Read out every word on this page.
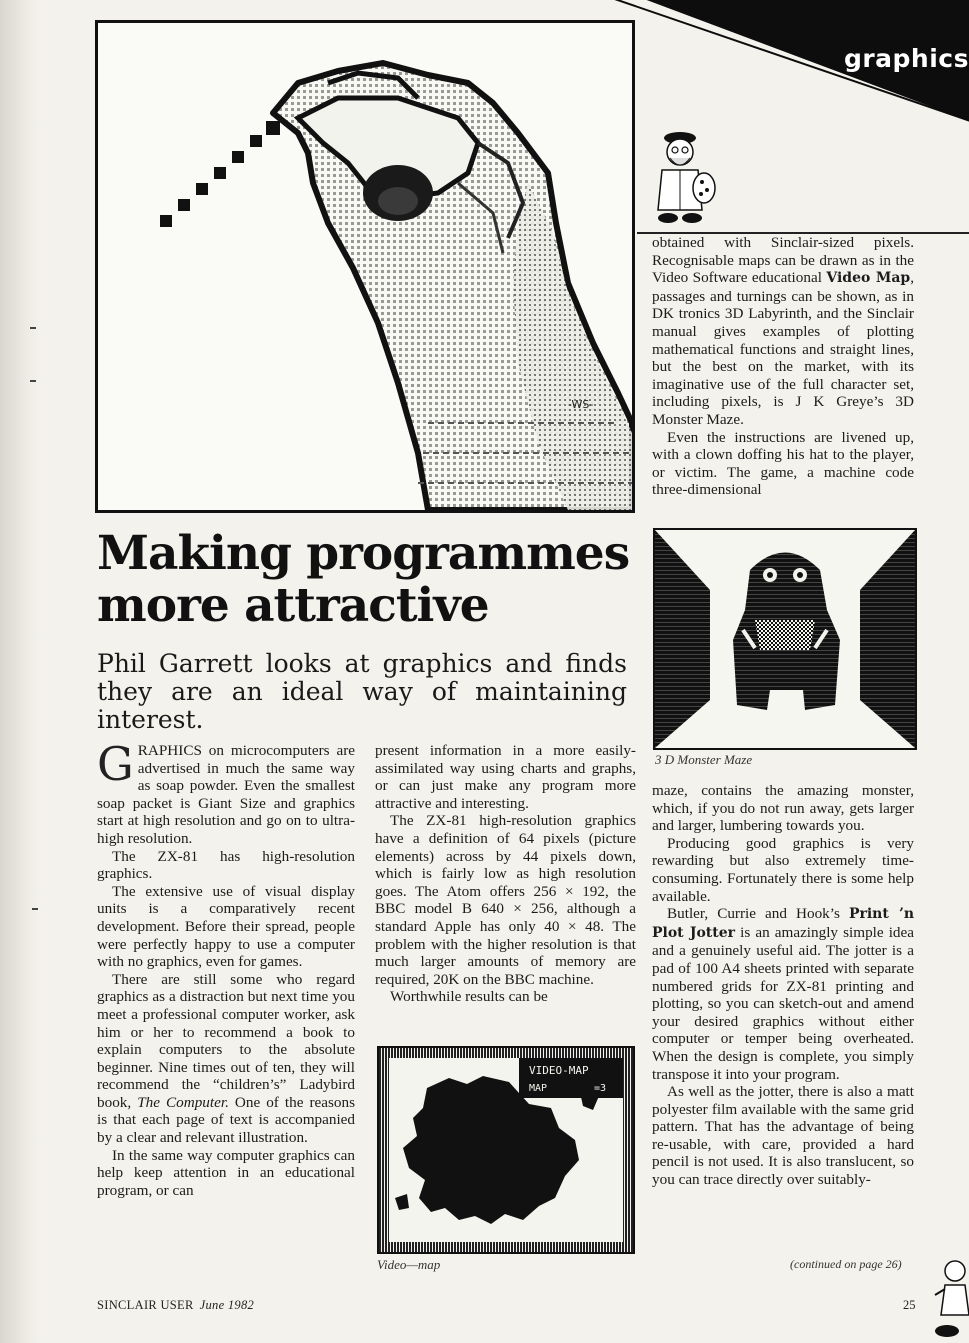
graphics
-WS-
Making programmes
more attractive

Phil Garrett looks at graphics and finds they are an ideal way of maintaining interest.

GRAPHICS on microcomputers are advertised in much the same way as soap powder. Even the smallest soap packet is Giant Size and graphics start at high resolution and go on to ultra-high resolution.

The ZX-81 has high-resolution graphics.

The extensive use of visual display units is a comparatively recent development. Before their spread, people were perfectly happy to use a computer with no graphics, even for games.

There are still some who regard graphics as a distraction but next time you meet a professional computer worker, ask him or her to recommend a book to explain computers to the absolute beginner. Nine times out of ten, they will recommend the “children’s” Ladybird book, The Computer. One of the reasons is that each page of text is accompanied by a clear and relevant illustration.

In the same way computer graphics can help keep attention in an educational program, or can

present information in a more easily-assimilated way using charts and graphs, or can just make any program more attractive and interesting.

The ZX-81 high-resolution graphics have a definition of 64 pixels (picture elements) across by 44 pixels down, which is fairly low as high resolution goes. The Atom offers 256 × 192, the BBC model B 640 × 256, although a standard Apple has only 40 × 48. The problem with the higher resolution is that much larger amounts of memory are required, 20K on the BBC machine.

Worthwhile results can be

obtained with Sinclair-sized pixels. Recognisable maps can be drawn as in the Video Software educational Video Map, passages and turnings can be shown, as in DK tronics 3D Labyrinth, and the Sinclair manual gives examples of plotting mathematical functions and straight lines, but the best on the market, with its imaginative use of the full character set, including pixels, is J K Greye’s 3D Monster Maze.

Even the instructions are livened up, with a clown doffing his hat to the player, or victim. The game, a machine code three-dimensional

3 D Monster Maze

maze, contains the amazing monster, which, if you do not run away, gets larger and larger, lumbering towards you.

Producing good graphics is very rewarding but also extremely time-consuming. Fortunately there is some help available.

Butler, Currie and Hook’s Print ’n Plot Jotter is an amazingly simple idea and a genuinely useful aid. The jotter is a pad of 100 A4 sheets printed with separate numbered grids for ZX-81 printing and plotting, so you can sketch-out and amend your desired graphics without either computer or temper being overheated. When the design is complete, you simply transpose it into your program.

As well as the jotter, there is also a matt polyester film available with the same grid pattern. That has the advantage of being re-usable, with care, provided a hard pencil is not used. It is also translucent, so you can trace directly over suitably-

VIDEO-MAP
MAP	=3
Video—map	(continued on page 26)
SINCLAIR USER June 1982	25
